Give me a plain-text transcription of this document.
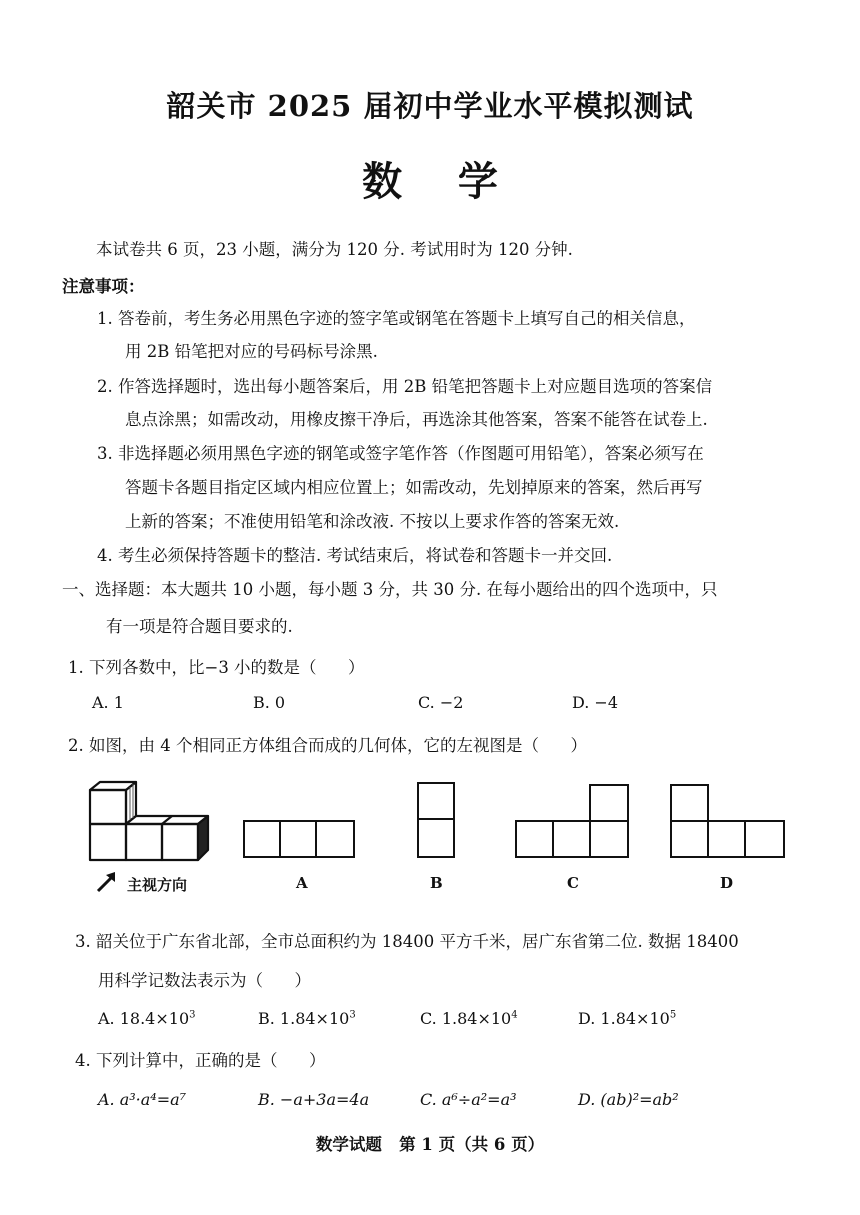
韶关市 2025 届初中学业水平模拟测试
数    学
本试卷共 6 页，23 小题，满分为 120 分. 考试用时为 120 分钟.
注意事项：
1. 答卷前，考生务必用黑色字迹的签字笔或钢笔在答题卡上填写自己的相关信息，
用 2B 铅笔把对应的号码标号涂黑.
2. 作答选择题时，选出每小题答案后，用 2B 铅笔把答题卡上对应题目选项的答案信
息点涂黑；如需改动，用橡皮擦干净后，再选涂其他答案，答案不能答在试卷上.
3. 非选择题必须用黑色字迹的钢笔或签字笔作答（作图题可用铅笔），答案必须写在
答题卡各题目指定区域内相应位置上；如需改动，先划掉原来的答案，然后再写
上新的答案；不准使用铅笔和涂改液. 不按以上要求作答的答案无效.
4. 考生必须保持答题卡的整洁. 考试结束后，将试卷和答题卡一并交回.
一、选择题：本大题共 10 小题，每小题 3 分，共 30 分. 在每小题给出的四个选项中，只
有一项是符合题目要求的.
1. 下列各数中，比−3 小的数是（      ）
A. 1	B. 0	C. −2	D. −4
2. 如图，由 4 个相同正方体组合而成的几何体，它的左视图是（      ）
主视方向	A	B	C	D
3. 韶关位于广东省北部，全市总面积约为 18400 平方千米，居广东省第二位. 数据 18400
用科学记数法表示为（      ）
A. $18.4\times 10^3$	B. $1.84\times 10^3$	C. $1.84\times 10^4$	D. $1.84\times 10^5$
4. 下列计算中，正确的是（      ）
A. a³·a⁴=a⁷	B. −a+3a=4a	C. a⁶÷a²=a³	D. (ab)²=ab²
数学试题   第 1 页（共 6 页）
